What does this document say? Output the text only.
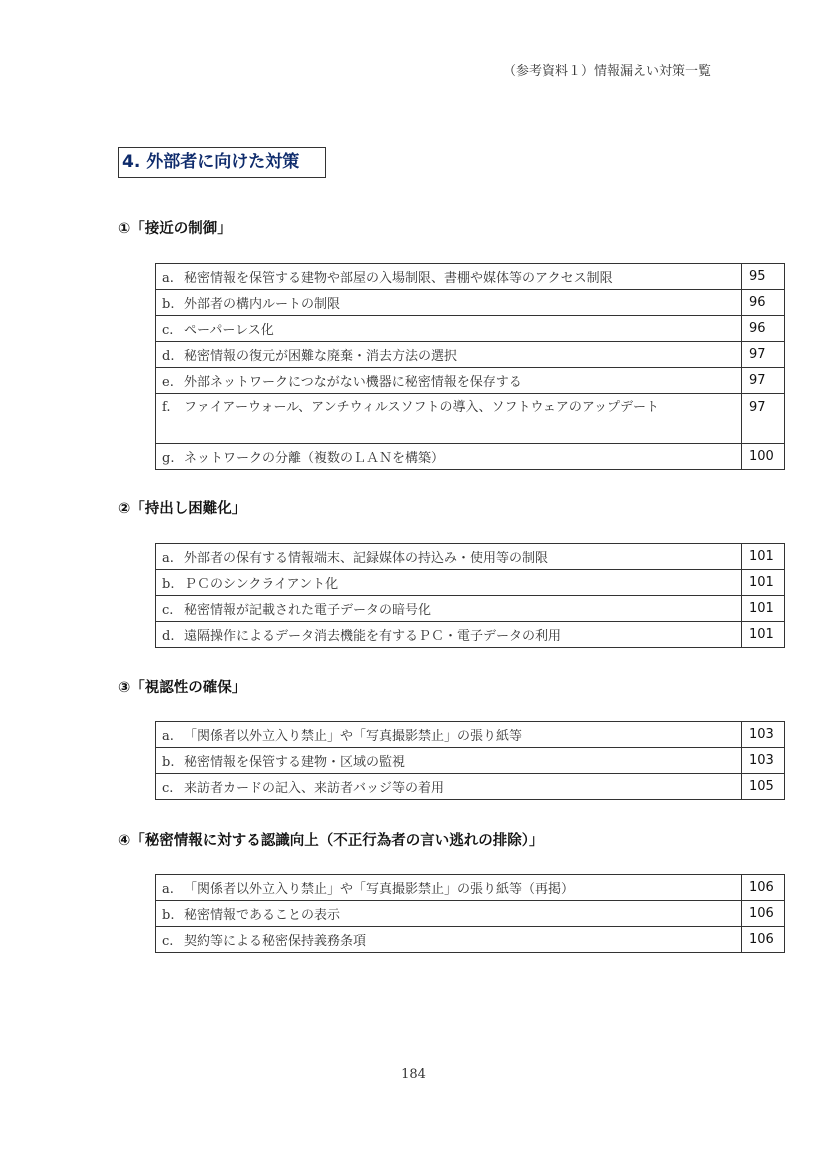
（参考資料１）情報漏えい対策一覧
4. 外部者に向けた対策
①「接近の制御」
a. 秘密情報を保管する建物や部屋の入場制限、書棚や媒体等のアクセス制限	95
b. 外部者の構内ルートの制限	96
c. ペーパーレス化	96
d. 秘密情報の復元が困難な廃棄・消去方法の選択	97
e. 外部ネットワークにつながない機器に秘密情報を保存する	97
f. ファイアーウォール、アンチウィルスソフトの導入、ソフトウェアのアップデート	97
g. ネットワークの分離（複数のＬＡＮを構築）	100
②「持出し困難化」
a. 外部者の保有する情報端末、記録媒体の持込み・使用等の制限	101
b. ＰＣのシンクライアント化	101
c. 秘密情報が記載された電子データの暗号化	101
d. 遠隔操作によるデータ消去機能を有するＰＣ・電子データの利用	101
③「視認性の確保」
a. 「関係者以外立入り禁止」や「写真撮影禁止」の張り紙等	103
b. 秘密情報を保管する建物・区域の監視	103
c. 来訪者カードの記入、来訪者バッジ等の着用	105
④「秘密情報に対する認識向上（不正行為者の言い逃れの排除）」
a. 「関係者以外立入り禁止」や「写真撮影禁止」の張り紙等（再掲）	106
b. 秘密情報であることの表示	106
c. 契約等による秘密保持義務条項	106
184
